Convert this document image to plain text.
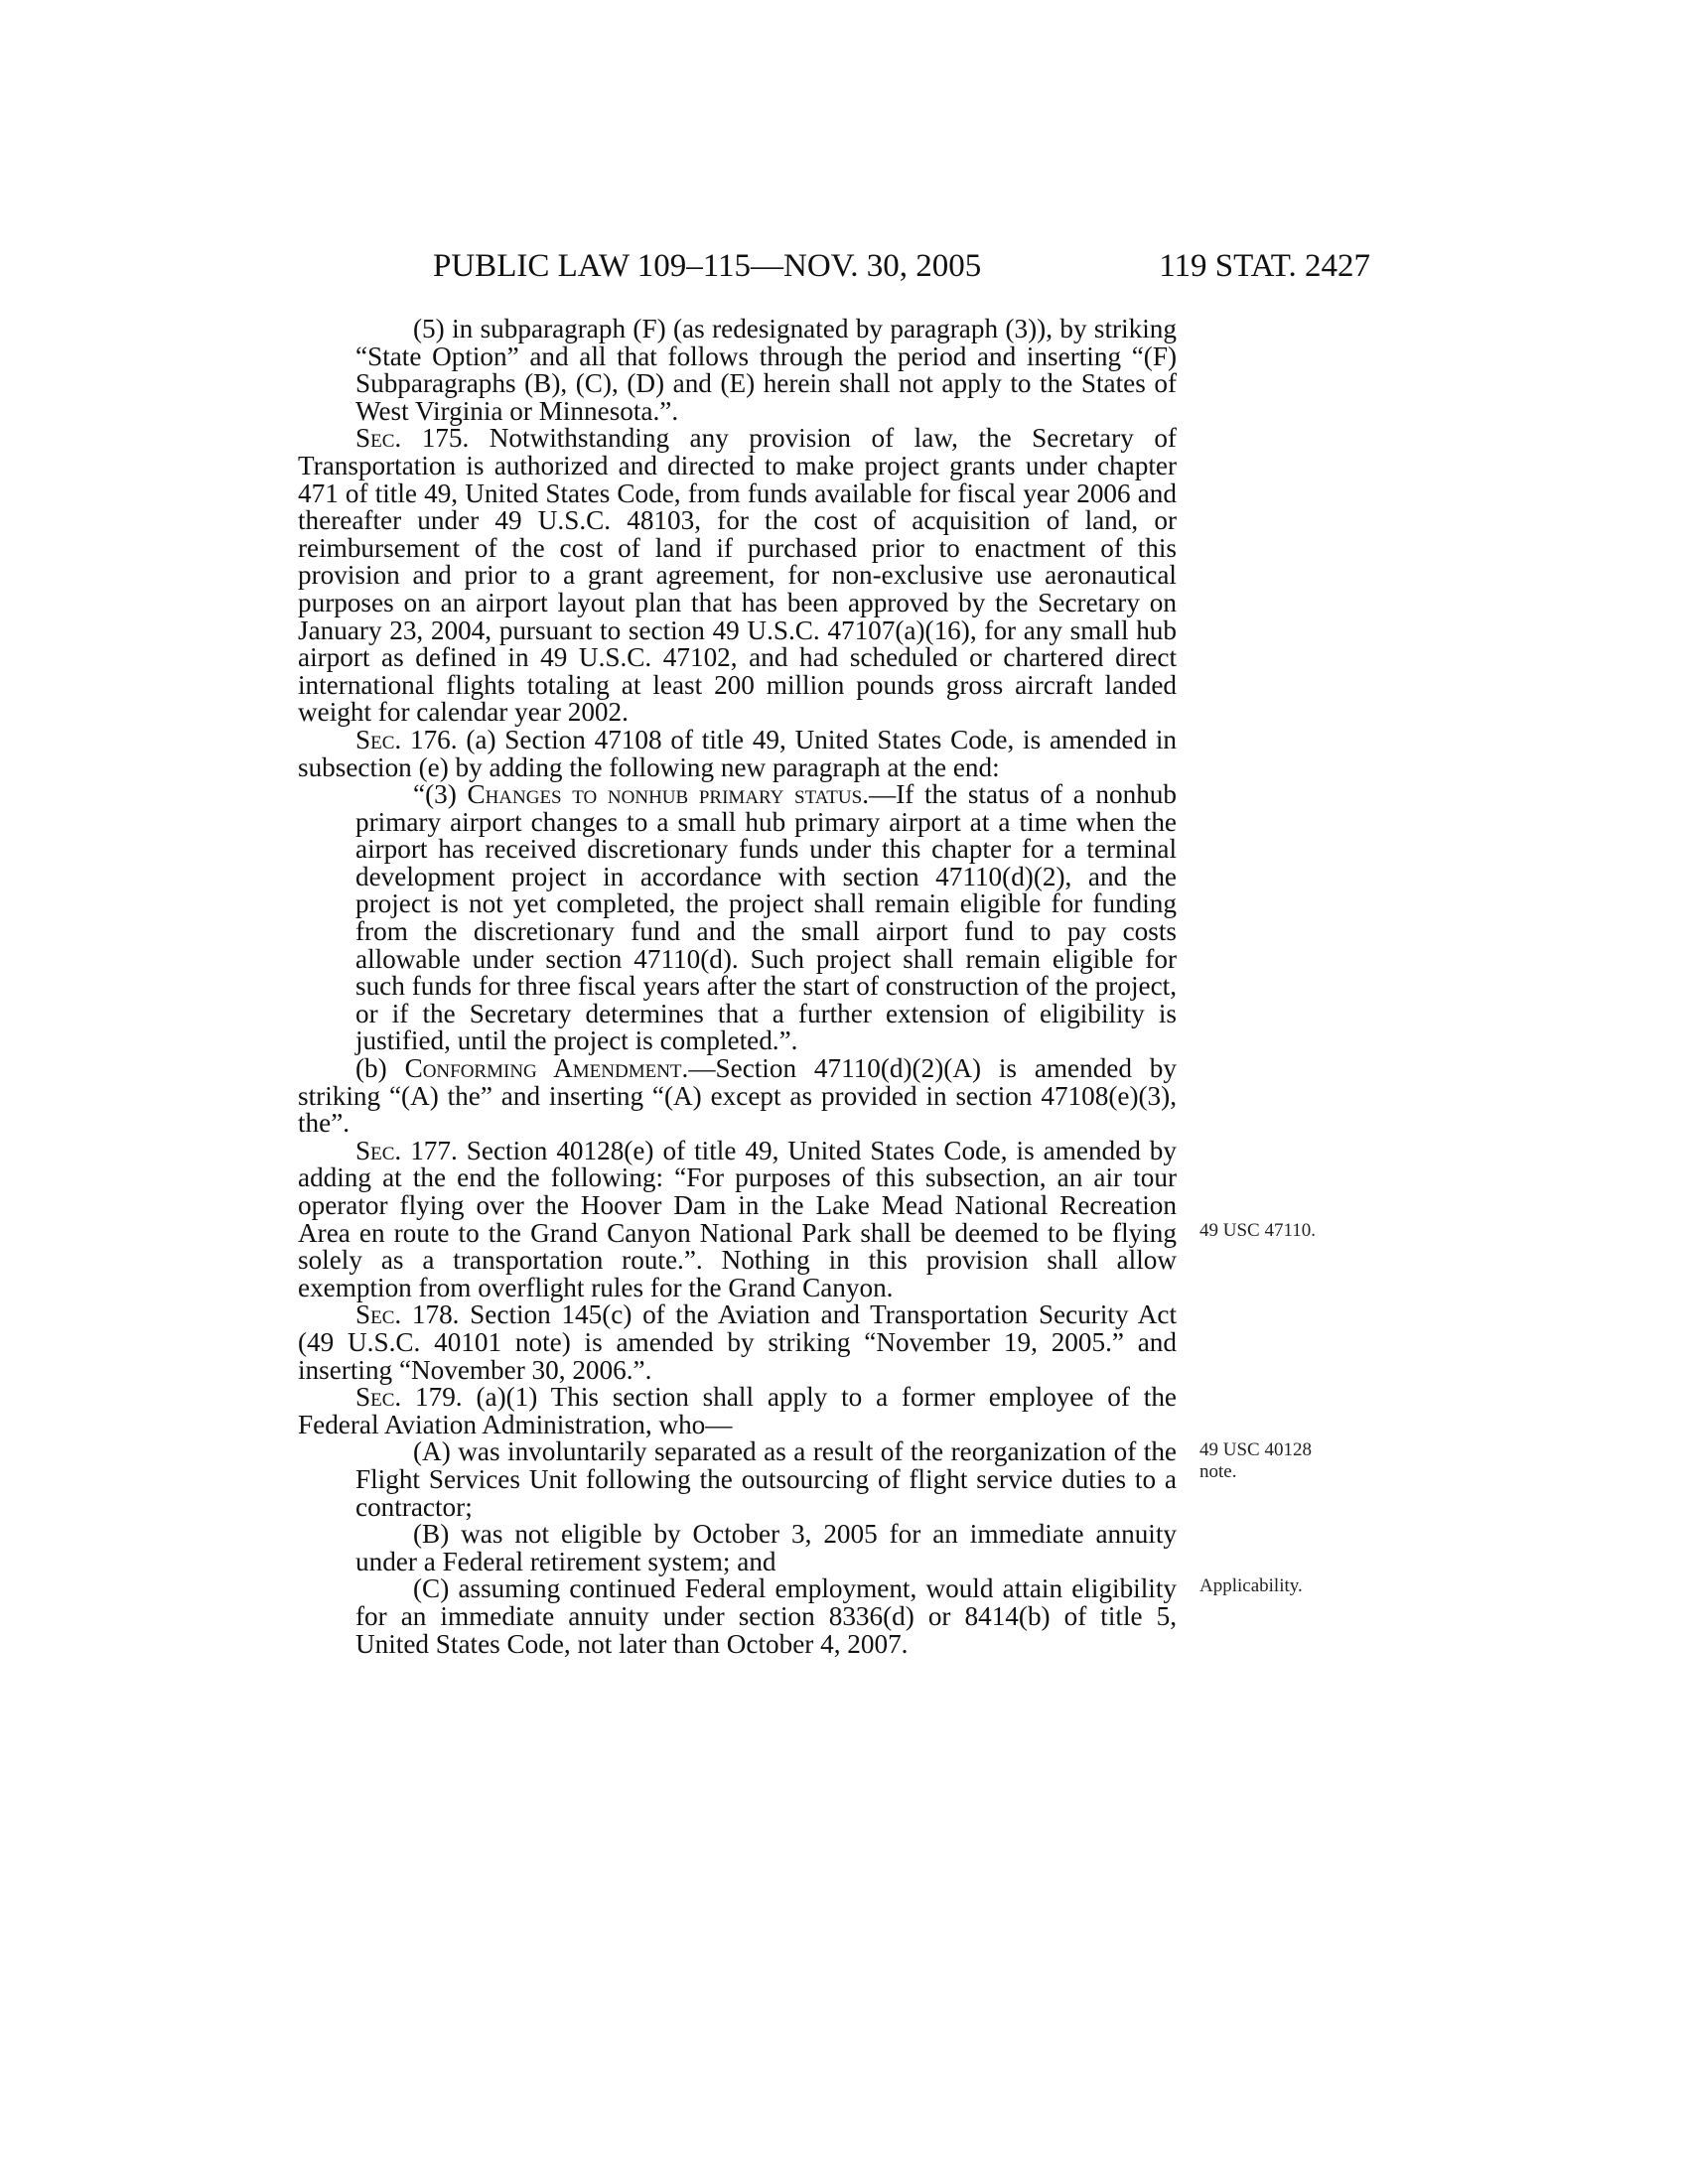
PUBLIC LAW 109–115—NOV. 30, 2005	119 STAT. 2427

(5) in subparagraph (F) (as redesignated by paragraph (3)), by striking “State Option” and all that follows through the period and inserting “(F) Subparagraphs (B), (C), (D) and (E) herein shall not apply to the States of West Virginia or Minnesota.”.

Sec. 175. Notwithstanding any provision of law, the Secretary of Transportation is authorized and directed to make project grants under chapter 471 of title 49, United States Code, from funds available for fiscal year 2006 and thereafter under 49 U.S.C. 48103, for the cost of acquisition of land, or reimbursement of the cost of land if purchased prior to enactment of this provision and prior to a grant agreement, for non-exclusive use aeronautical purposes on an airport layout plan that has been approved by the Secretary on January 23, 2004, pursuant to section 49 U.S.C. 47107(a)(16), for any small hub airport as defined in 49 U.S.C. 47102, and had scheduled or chartered direct international flights totaling at least 200 million pounds gross aircraft landed weight for calendar year 2002.

Sec. 176. (a) Section 47108 of title 49, United States Code, is amended in subsection (e) by adding the following new paragraph at the end:

“(3) Changes to nonhub primary status.—If the status of a nonhub primary airport changes to a small hub primary airport at a time when the airport has received discretionary funds under this chapter for a terminal development project in accordance with section 47110(d)(2), and the project is not yet completed, the project shall remain eligible for funding from the discretionary fund and the small airport fund to pay costs allowable under section 47110(d). Such project shall remain eligible for such funds for three fiscal years after the start of construction of the project, or if the Secretary determines that a further extension of eligibility is justified, until the project is completed.”.

(b) Conforming Amendment.—Section 47110(d)(2)(A) is amended by striking “(A) the” and inserting “(A) except as provided in section 47108(e)(3), the”.

Sec. 177. Section 40128(e) of title 49, United States Code, is amended by adding at the end the following: “For purposes of this subsection, an air tour operator flying over the Hoover Dam in the Lake Mead National Recreation Area en route to the Grand Canyon National Park shall be deemed to be flying solely as a transportation route.”. Nothing in this provision shall allow exemption from overflight rules for the Grand Canyon.

Sec. 178. Section 145(c) of the Aviation and Transportation Security Act (49 U.S.C. 40101 note) is amended by striking “November 19, 2005.” and inserting “November 30, 2006.”.

Sec. 179. (a)(1) This section shall apply to a former employee of the Federal Aviation Administration, who—

(A) was involuntarily separated as a result of the reorganization of the Flight Services Unit following the outsourcing of flight service duties to a contractor;

(B) was not eligible by October 3, 2005 for an immediate annuity under a Federal retirement system; and

(C) assuming continued Federal employment, would attain eligibility for an immediate annuity under section 8336(d) or 8414(b) of title 5, United States Code, not later than October 4, 2007.

49 USC 47110.
49 USC 40128
note.
Applicability.
